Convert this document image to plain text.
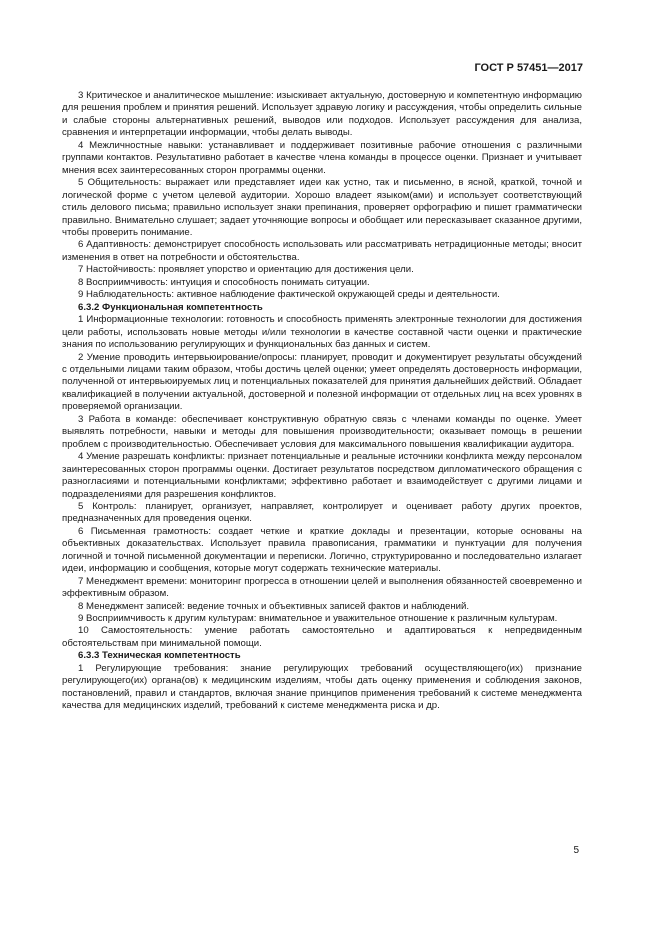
ГОСТ Р 57451—2017

3 Критическое и аналитическое мышление: изыскивает актуальную, достоверную и компетентную информацию для решения проблем и принятия решений. Использует здравую логику и рассуждения, чтобы определить сильные и слабые стороны альтернативных решений, выводов или подходов. Использует рассуждения для анализа, сравнения и интерпретации информации, чтобы делать выводы.

4 Межличностные навыки: устанавливает и поддерживает позитивные рабочие отношения с различными группами контактов. Результативно работает в качестве члена команды в процессе оценки. Признает и учитывает мнения всех заинтересованных сторон программы оценки.

5 Общительность: выражает или представляет идеи как устно, так и письменно, в ясной, краткой, точной и логической форме с учетом целевой аудитории. Хорошо владеет языком(ами) и использует соответствующий стиль делового письма; правильно использует знаки препинания, проверяет орфографию и пишет грамматически правильно. Внимательно слушает; задает уточняющие вопросы и обобщает или пересказывает сказанное другими, чтобы проверить понимание.

6 Адаптивность: демонстрирует способность использовать или рассматривать нетрадиционные методы; вносит изменения в ответ на потребности и обстоятельства.

7 Настойчивость: проявляет упорство и ориентацию для достижения цели.

8 Восприимчивость: интуиция и способность понимать ситуации.

9 Наблюдательность: активное наблюдение фактической окружающей среды и деятельности.

6.3.2 Функциональная компетентность

1 Информационные технологии: готовность и способность применять электронные технологии для достижения цели работы, использовать новые методы и/или технологии в качестве составной части оценки и практические знания по использованию регулирующих и функциональных баз данных и систем.

2 Умение проводить интервьюирование/опросы: планирует, проводит и документирует результаты обсуждений с отдельными лицами таким образом, чтобы достичь целей оценки; умеет определять достоверность информации, полученной от интервьюируемых лиц и потенциальных показателей для принятия дальнейших действий. Обладает квалификацией в получении актуальной, достоверной и полезной информации от отдельных лиц на всех уровнях в проверяемой организации.

3 Работа в команде: обеспечивает конструктивную обратную связь с членами команды по оценке. Умеет выявлять потребности, навыки и методы для повышения производительности; оказывает помощь в решении проблем с производительностью. Обеспечивает условия для максимального повышения квалификации аудитора.

4 Умение разрешать конфликты: признает потенциальные и реальные источники конфликта между персоналом заинтересованных сторон программы оценки. Достигает результатов посредством дипломатического обращения с разногласиями и потенциальными конфликтами; эффективно работает и взаимодействует с другими лицами и подразделениями для разрешения конфликтов.

5 Контроль: планирует, организует, направляет, контролирует и оценивает работу других проектов, предназначенных для проведения оценки.

6 Письменная грамотность: создает четкие и краткие доклады и презентации, которые основаны на объективных доказательствах. Использует правила правописания, грамматики и пунктуации для получения логичной и точной письменной документации и переписки. Логично, структурированно и последовательно излагает идеи, информацию и сообщения, которые могут содержать технические материалы.

7 Менеджмент времени: мониторинг прогресса в отношении целей и выполнения обязанностей своевременно и эффективным образом.

8 Менеджмент записей: ведение точных и объективных записей фактов и наблюдений.

9 Восприимчивость к другим культурам: внимательное и уважительное отношение к различным культурам.

10 Самостоятельность: умение работать самостоятельно и адаптироваться к непредвиденным обстоятельствам при минимальной помощи.

6.3.3 Техническая компетентность

1 Регулирующие требования: знание регулирующих требований осуществляющего(их) признание регулирующего(их) органа(ов) к медицинским изделиям, чтобы дать оценку применения и соблюдения законов, постановлений, правил и стандартов, включая знание принципов применения требований к системе менеджмента качества для медицинских изделий, требований к системе менеджмента риска и др.

5
